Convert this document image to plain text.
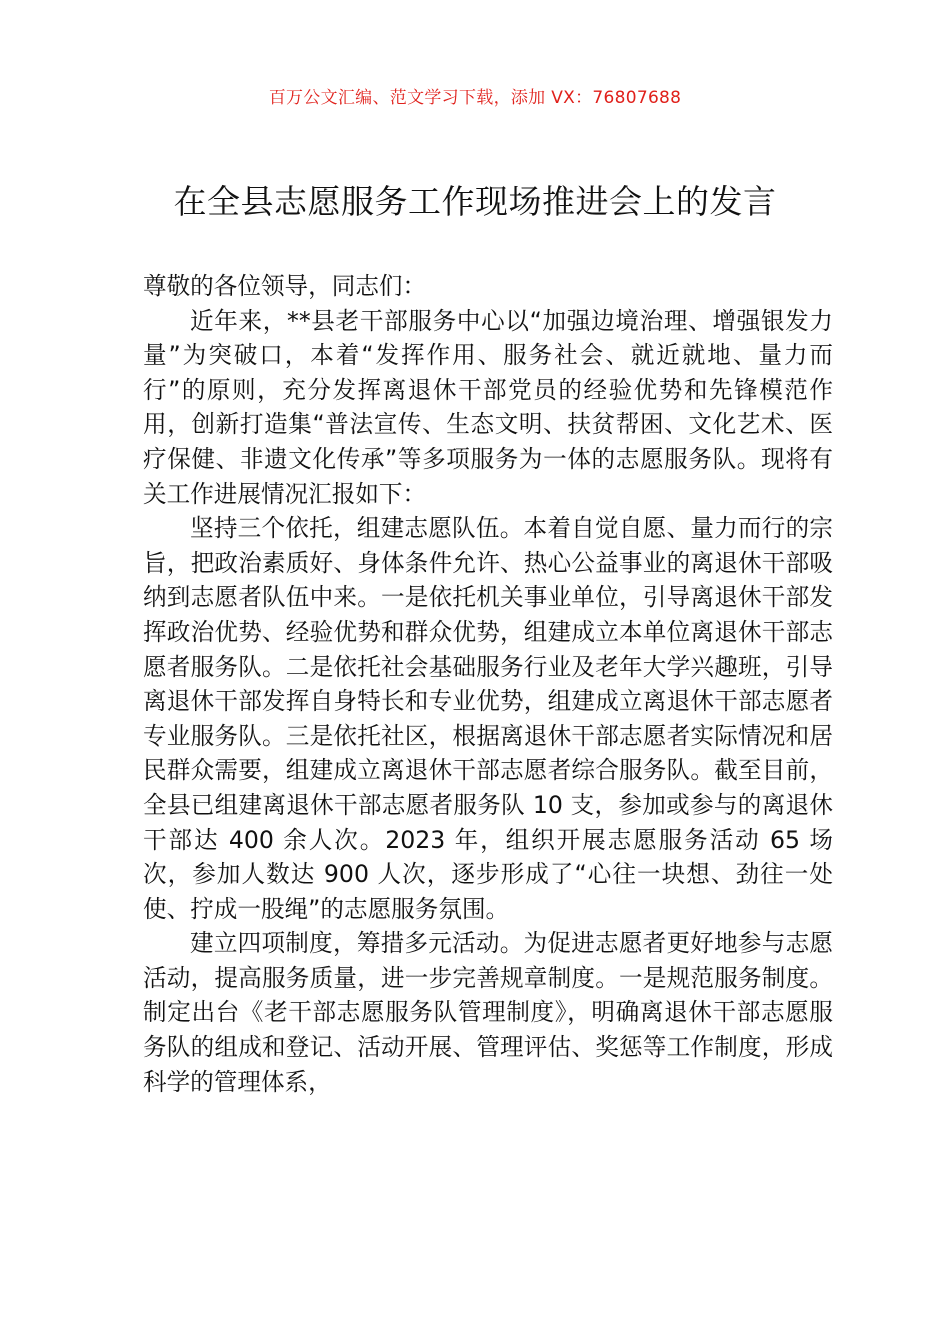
百万公文汇编、范文学习下载，添加 VX：76807688
在全县志愿服务工作现场推进会上的发言

尊敬的各位领导，同志们：

近年来，**县老干部服务中心以“加强边境治理、增强银发力量”为突破口，本着“发挥作用、服务社会、就近就地、量力而行”的原则，充分发挥离退休干部党员的经验优势和先锋模范作用，创新打造集“普法宣传、生态文明、扶贫帮困、文化艺术、医疗保健、非遗文化传承”等多项服务为一体的志愿服务队。现将有关工作进展情况汇报如下：

坚持三个依托，组建志愿队伍。本着自觉自愿、量力而行的宗旨，把政治素质好、身体条件允许、热心公益事业的离退休干部吸纳到志愿者队伍中来。一是依托机关事业单位，引导离退休干部发挥政治优势、经验优势和群众优势，组建成立本单位离退休干部志愿者服务队。二是依托社会基础服务行业及老年大学兴趣班，引导离退休干部发挥自身特长和专业优势，组建成立离退休干部志愿者专业服务队。三是依托社区，根据离退休干部志愿者实际情况和居民群众需要，组建成立离退休干部志愿者综合服务队。截至目前，全县已组建离退休干部志愿者服务队 10 支，参加或参与的离退休干部达 400 余人次。2023 年，组织开展志愿服务活动 65 场次，参加人数达 900 人次，逐步形成了“心往一块想、劲往一处使、拧成一股绳”的志愿服务氛围。

建立四项制度，筹措多元活动。为促进志愿者更好地参与志愿活动，提高服务质量，进一步完善规章制度。一是规范服务制度。制定出台《老干部志愿服务队管理制度》，明确离退休干部志愿服务队的组成和登记、活动开展、管理评估、奖惩等工作制度，形成科学的管理体系，
